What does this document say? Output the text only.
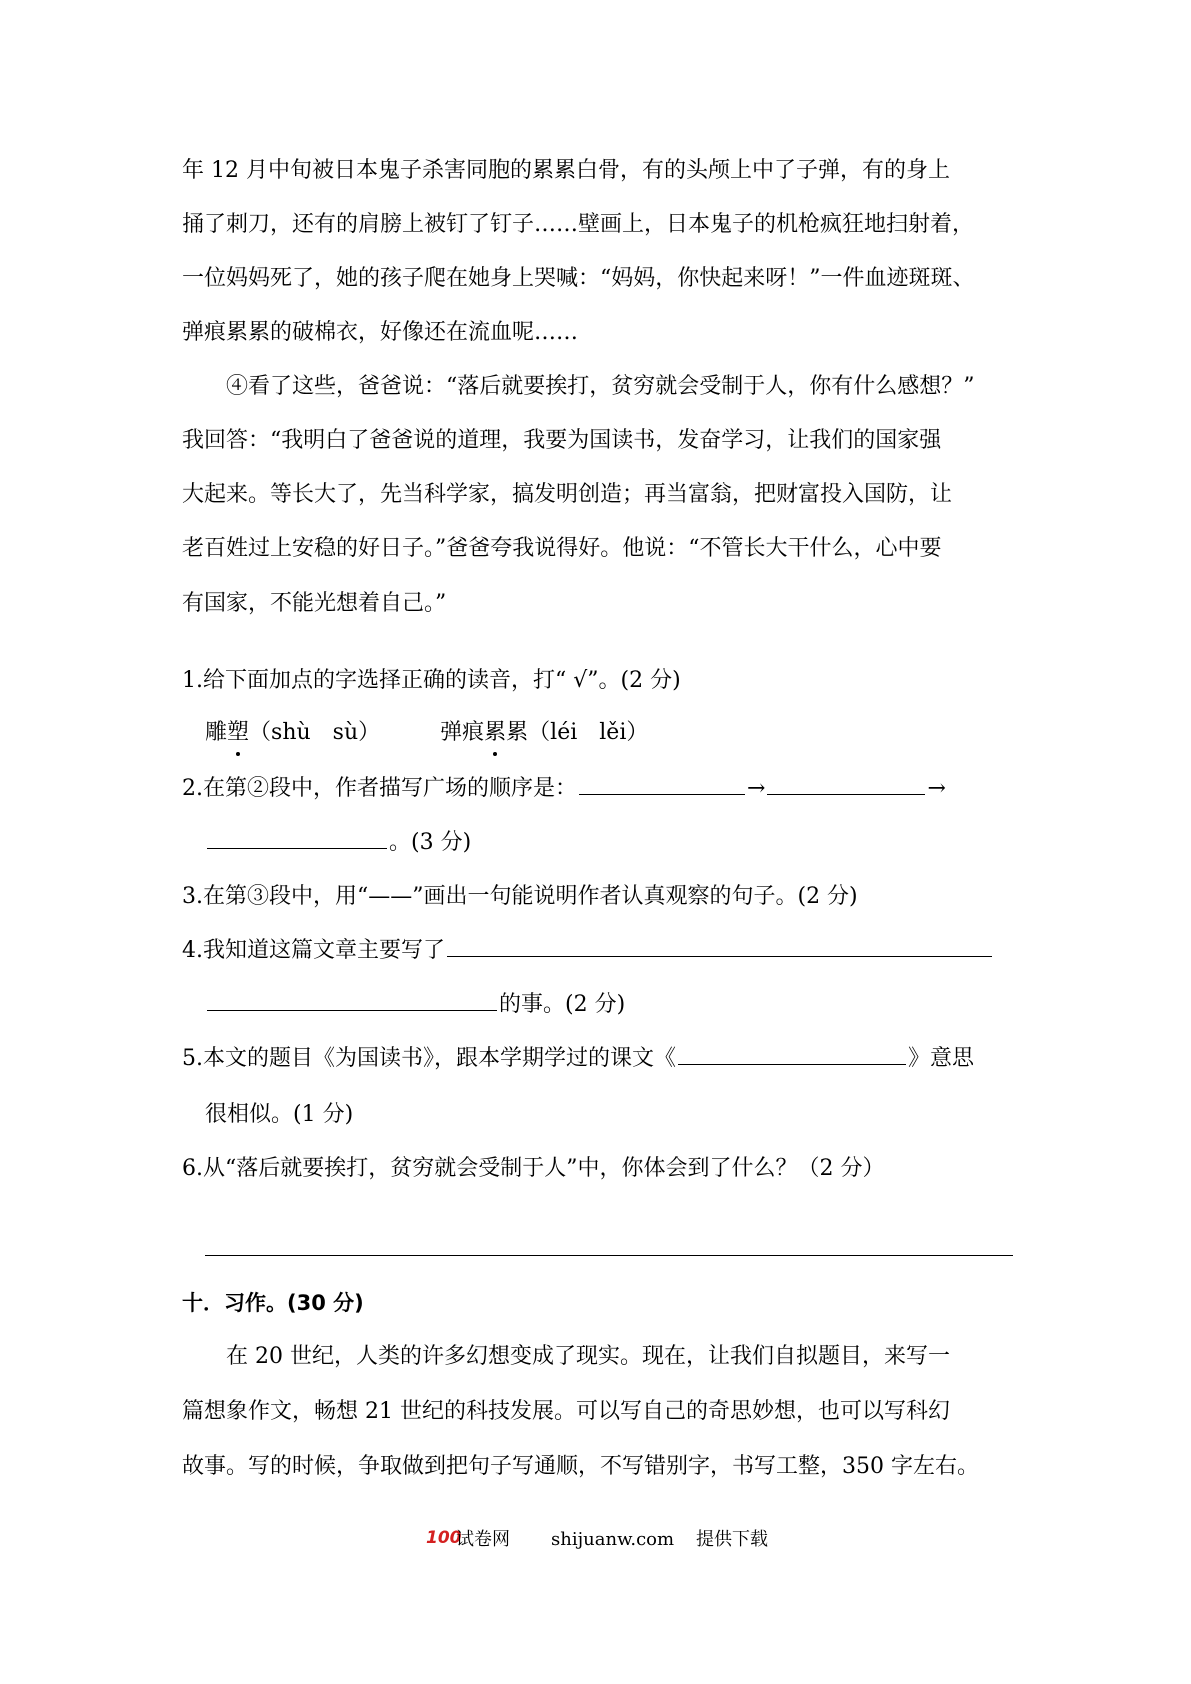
年 12 月中旬被日本鬼子杀害同胞的累累白骨，有的头颅上中了子弹，有的身上
捅了刺刀，还有的肩膀上被钉了钉子……壁画上，日本鬼子的机枪疯狂地扫射着，
一位妈妈死了，她的孩子爬在她身上哭喊：“妈妈，你快起来呀！”一件血迹斑斑、
弹痕累累的破棉衣，好像还在流血呢……
④看了这些，爸爸说：“落后就要挨打，贫穷就会受制于人，你有什么感想？”
我回答：“我明白了爸爸说的道理，我要为国读书，发奋学习，让我们的国家强
大起来。等长大了，先当科学家，搞发明创造；再当富翁，把财富投入国防，让
老百姓过上安稳的好日子。”爸爸夸我说得好。他说：“不管长大干什么，心中要
有国家，不能光想着自己。”
1.给下面加点的字选择正确的读音，打“ √”。(2 分)
雕塑（shù　sù）	弹痕累累（léi　lěi）
2.在第②段中，作者描写广场的顺序是：	→	→
。(3 分)
3.在第③段中，用“——”画出一句能说明作者认真观察的句子。(2 分)
4.我知道这篇文章主要写了
的事。(2 分)
5.本文的题目《为国读书》，跟本学期学过的课文《	》意思
很相似。(1 分)
6.从“落后就要挨打，贫穷就会受制于人”中，你体会到了什么？（2 分）
十．习作。(30 分)
在 20 世纪，人类的许多幻想变成了现实。现在，让我们自拟题目，来写一
篇想象作文，畅想 21 世纪的科技发展。可以写自己的奇思妙想，也可以写科幻
故事。写的时候，争取做到把句子写通顺，不写错别字，书写工整，350 字左右。
100
试卷网	shijuanw.com	提供下载
